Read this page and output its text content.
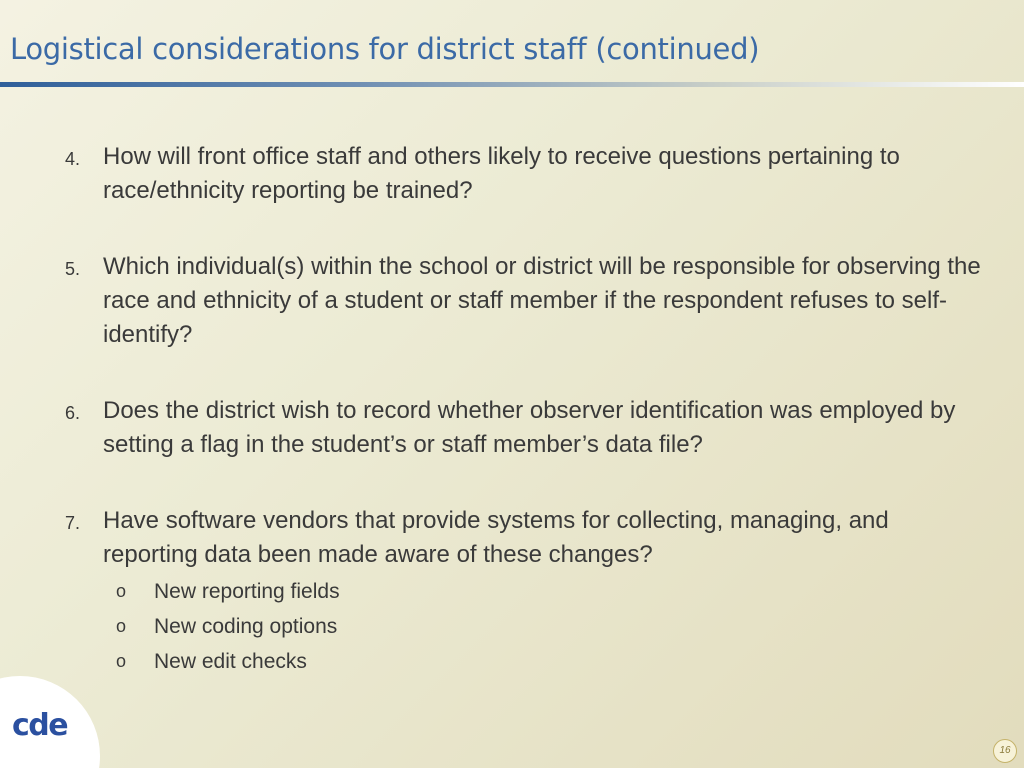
Logistical considerations for district staff (continued)
4. How will front office staff and others likely to receive questions pertaining to race/ethnicity reporting be trained?
5. Which individual(s) within the school or district will be responsible for observing the race and ethnicity of a student or staff member if the respondent refuses to self-identify?
6. Does the district wish to record whether observer identification was employed by setting a flag in the student’s or staff member’s data file?
7. Have software vendors that provide systems for collecting, managing, and reporting data been made aware of these changes?
o New reporting fields
o New coding options
o New edit checks
cde
16
